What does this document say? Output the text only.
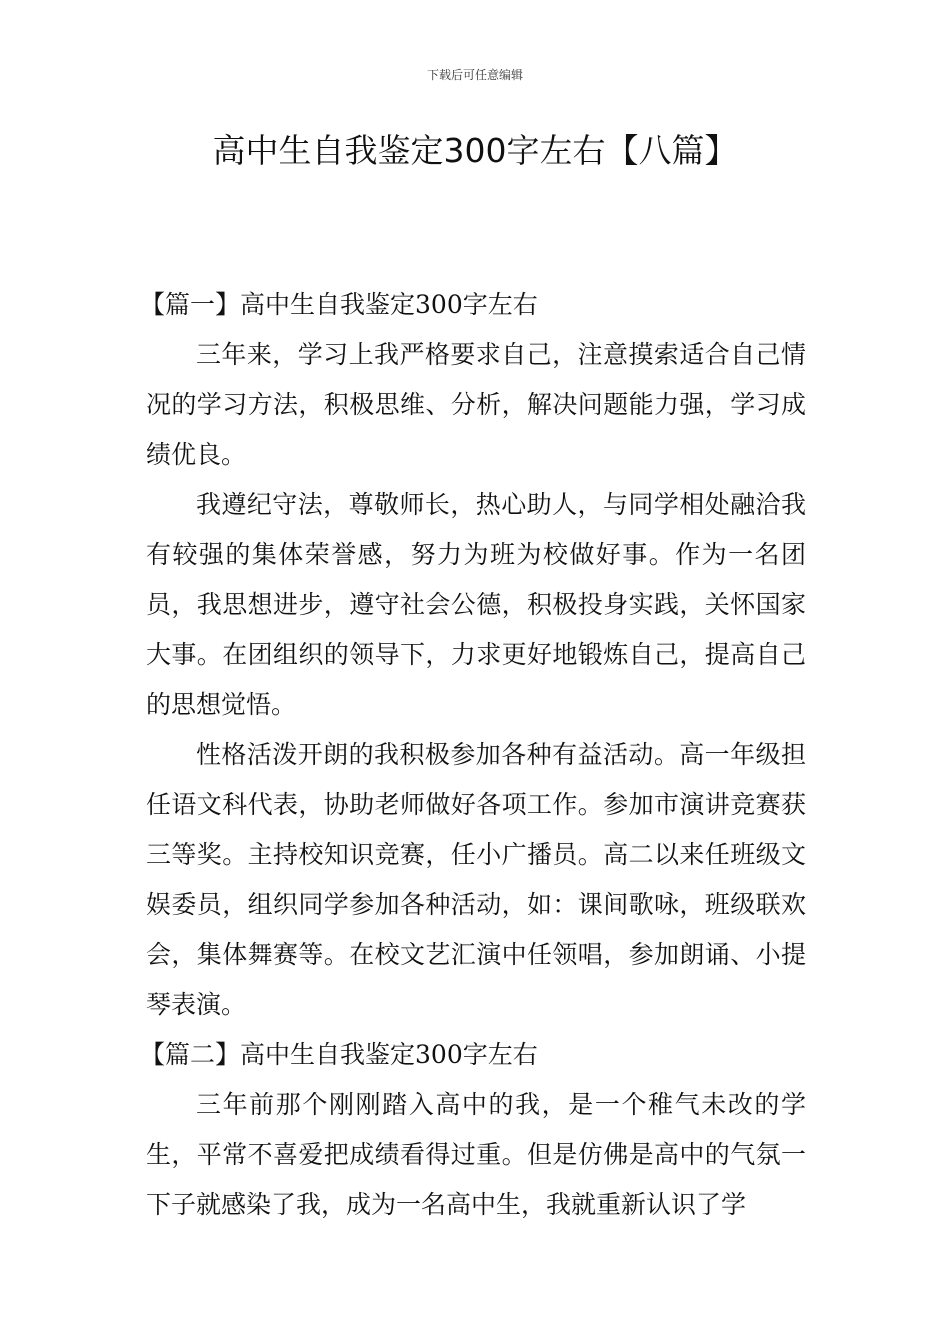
下载后可任意编辑
高中生自我鉴定300字左右【八篇】
【篇一】高中生自我鉴定300字左右

三年来，学习上我严格要求自己，注意摸索适合自己情况的学习方法，积极思维、分析，解决问题能力强，学习成绩优良。

我遵纪守法，尊敬师长，热心助人，与同学相处融洽我有较强的集体荣誉感，努力为班为校做好事。作为一名团员，我思想进步，遵守社会公德，积极投身实践，关怀国家大事。在团组织的领导下，力求更好地锻炼自己，提高自己的思想觉悟。

性格活泼开朗的我积极参加各种有益活动。高一年级担任语文科代表，协助老师做好各项工作。参加市演讲竞赛获三等奖。主持校知识竞赛，任小广播员。高二以来任班级文娱委员，组织同学参加各种活动，如：课间歌咏，班级联欢会，集体舞赛等。在校文艺汇演中任领唱，参加朗诵、小提琴表演。

【篇二】高中生自我鉴定300字左右

三年前那个刚刚踏入高中的我，是一个稚气未改的学生，平常不喜爱把成绩看得过重。但是仿佛是高中的气氛一下子就感染了我，成为一名高中生，我就重新认识了学
